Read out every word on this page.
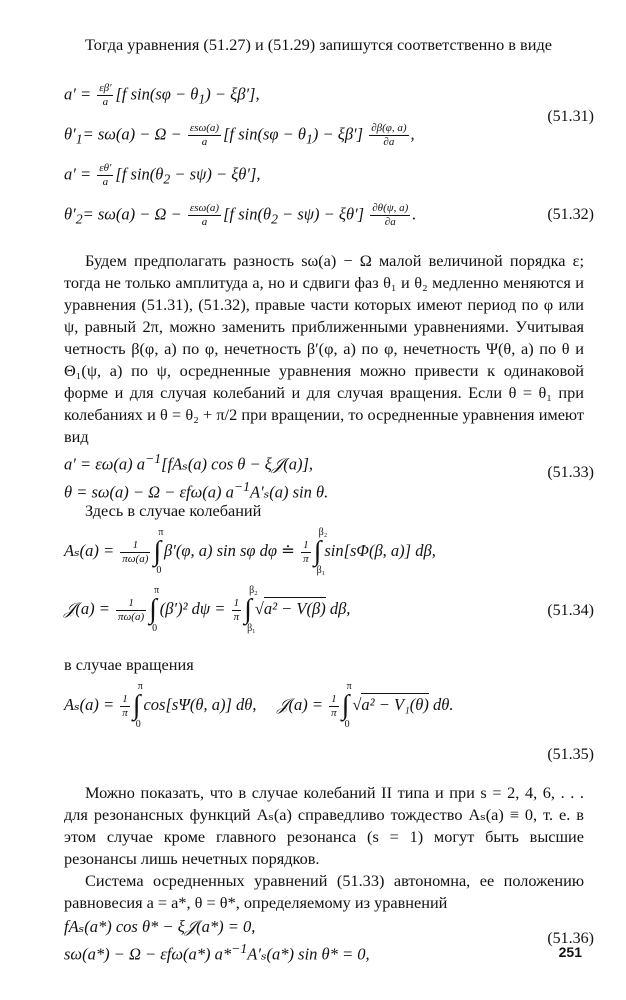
Тогда уравнения (51.27) и (51.29) запишутся соответственно в виде

$a' = \frac{\varepsilon\beta'}{a} [f$ $\sin(s\varphi - \theta_1) - \xi\beta'$],
$\theta'_1= s\omega(a) - \Omega - \frac{\text{εsω(a)}}{a} [f$ $\sin(s\varphi - \theta_1) - \xi\beta'] \frac{\partial\beta(\varphi, a)}{\partial a}$ ,
(51.31)
$a' = \frac{\varepsilon\theta'}{a} [f$ $\sin(\theta_2 - s\psi) - \xi\theta'$],
$\theta'_2= s\omega(a) - \Omega - \frac{\text{εsω(a)}}{a} [f$ $\sin(\theta_2 - s\psi) - \xi\theta'] \frac{\partial\theta(\psi, a)}{\partial a}$ .	(51.32)

Будем предполагать разность sω(a) − Ω малой величиной порядка ε; тогда не только амплитуда a, но и сдвиги фаз θ₁ и θ₂ медленно меняются и уравнения (51.31), (51.32), правые части которых имеют период по φ или ψ, равный 2π, можно заменить приближенными уравнениями. Учитывая четность β(φ, a) по φ, нечетность β′(φ, a) по φ, нечетность Ψ(θ, a) по θ и Θ₁(ψ, a) по ψ, осредненные уравнения можно привести к одинаковой форме и для случая колебаний и для случая вращения. Если θ = θ₁ при колебаниях и θ = θ₂ + π/2 при вращении, то осредненные уравнения имеют вид

a′ = εω(a) $a^{-1}[fA_s(a)$ cos θ − ξ𝒥(a)],
θ = sω(a) − Ω − εfω(a) $a^{-1}A'_s(a)$ sin θ.
(51.33)

Здесь в случае колебаний

$A_s(a) = \frac{1}{\pi\omega(a)}$ ∫
π
0
β′(φ, a) sin sφ dφ ≐ $\frac{1}{\pi}$ ∫
β₂
β₁
sin[sΦ(β, a)] dβ,
𝒥(a) = $\frac{1}{\pi\omega(a)}$ ∫
π
0
(β′)² $d\psi = \frac{1}{\pi}$ ∫
β₂
β₁
√a² − V(β) dβ,	(51.34)

в случае вращения

$A_s(a) = \frac{1}{\pi}$ ∫
π
0
cos[sΨ(θ, a)] dθ,     𝒥(a) = $\frac{1}{\pi}$ ∫
π
0
√a² − V₁(θ) dθ.
(51.35)

Можно показать, что в случае колебаний II типа и при s = 2, 4, 6, . . . для резонансных функций Aₛ(a) справедливо тождество Aₛ(a) ≡ 0, т. е. в этом случае кроме главного резонанса (s = 1) могут быть высшие резонансы лишь нечетных порядков.

Система осредненных уравнений (51.33) автономна, ее положению равновесия a = a*, θ = θ*, определяемому из уравнений

fAₛ(a*) cos θ* − ξ𝒥(a*) = 0,
sω(a*) − Ω − εfω(a*) a*$^{-1}$A′ₛ(a*) sin θ* = 0,
(51.36)
251
